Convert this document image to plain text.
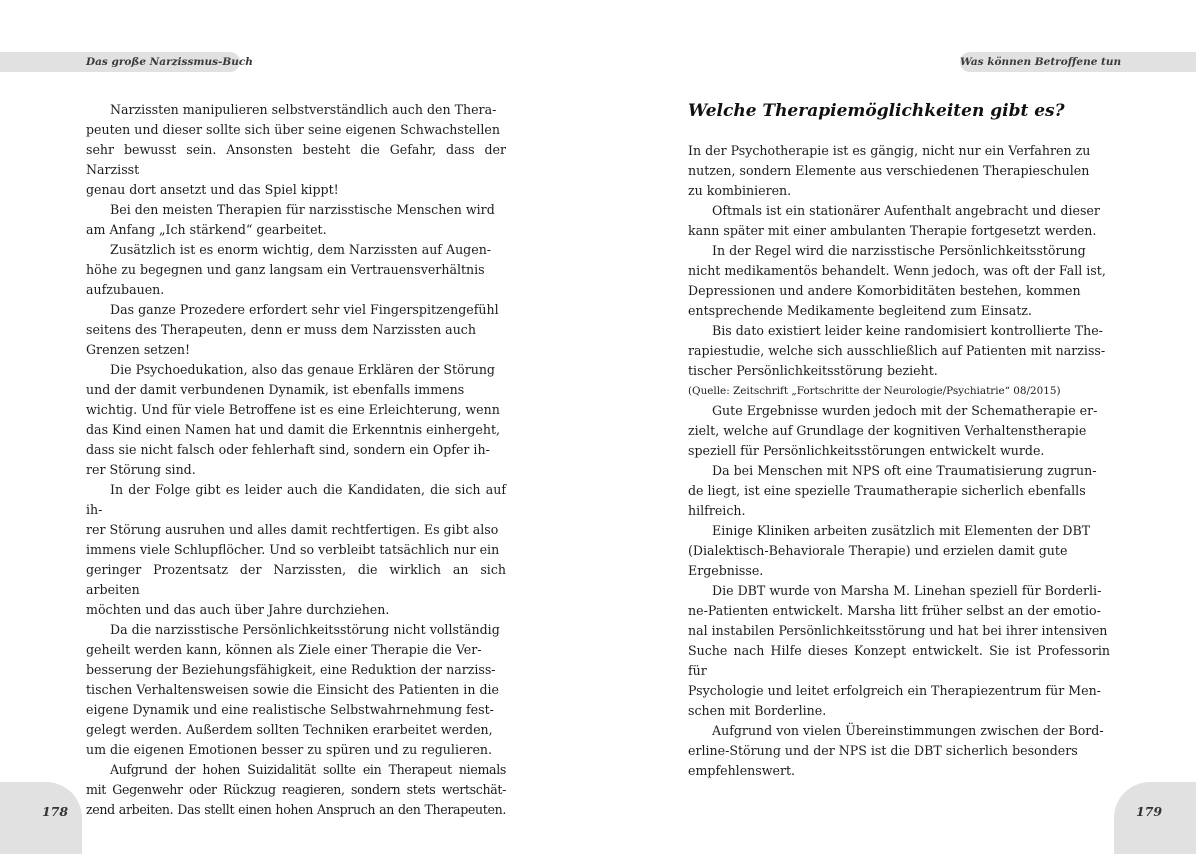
Das große Narzissmus-Buch	Was können Betroffene tun

Narzissten manipulieren selbstverständlich auch den Thera-
peuten und dieser sollte sich über seine eigenen Schwachstellen
sehr bewusst sein. Ansonsten besteht die Gefahr, dass der Narzisst
genau dort ansetzt und das Spiel kippt!

Bei den meisten Therapien für narzisstische Menschen wird
am Anfang „Ich stärkend“ gearbeitet.

Zusätzlich ist es enorm wichtig, dem Narzissten auf Augen-
höhe zu begegnen und ganz langsam ein Vertrauensverhältnis
aufzubauen.

Das ganze Prozedere erfordert sehr viel Fingerspitzengefühl
seitens des Therapeuten, denn er muss dem Narzissten auch
Grenzen setzen!

Die Psychoedukation, also das genaue Erklären der Störung
und der damit verbundenen Dynamik, ist ebenfalls immens
wichtig. Und für viele Betroffene ist es eine Erleichterung, wenn
das Kind einen Namen hat und damit die Erkenntnis einhergeht,
dass sie nicht falsch oder fehlerhaft sind, sondern ein Opfer ih-
rer Störung sind.

In der Folge gibt es leider auch die Kandidaten, die sich auf ih-
rer Störung ausruhen und alles damit rechtfertigen. Es gibt also
immens viele Schlupflöcher. Und so verbleibt tatsächlich nur ein
geringer Prozentsatz der Narzissten, die wirklich an sich arbeiten
möchten und das auch über Jahre durchziehen.

Da die narzisstische Persönlichkeitsstörung nicht vollständig
geheilt werden kann, können als Ziele einer Therapie die Ver-
besserung der Beziehungsfähigkeit, eine Reduktion der narziss-
tischen Verhaltensweisen sowie die Einsicht des Patienten in die
eigene Dynamik und eine realistische Selbstwahrnehmung fest-
gelegt werden. Außerdem sollten Techniken erarbeitet werden,
um die eigenen Emotionen besser zu spüren und zu regulieren.

Aufgrund der hohen Suizidalität sollte ein Therapeut niemals
mit Gegenwehr oder Rückzug reagieren, sondern stets wertschät-
zend arbeiten. Das stellt einen hohen Anspruch an den Therapeuten.

Welche Therapiemöglichkeiten gibt es?

In der Psychotherapie ist es gängig, nicht nur ein Verfahren zu
nutzen, sondern Elemente aus verschiedenen Therapieschulen
zu kombinieren.

Oftmals ist ein stationärer Aufenthalt angebracht und dieser
kann später mit einer ambulanten Therapie fortgesetzt werden.

In der Regel wird die narzisstische Persönlichkeitsstörung
nicht medikamentös behandelt. Wenn jedoch, was oft der Fall ist,
Depressionen und andere Komorbiditäten bestehen, kommen
entsprechende Medikamente begleitend zum Einsatz.

Bis dato existiert leider keine randomisiert kontrollierte The-
rapiestudie, welche sich ausschließlich auf Patienten mit narziss-
tischer Persönlichkeitsstörung bezieht.

(Quelle: Zeitschrift „Fortschritte der Neurologie/Psychiatrie“ 08/2015)

Gute Ergebnisse wurden jedoch mit der Schematherapie er-
zielt, welche auf Grundlage der kognitiven Verhaltenstherapie
speziell für Persönlichkeitsstörungen entwickelt wurde.

Da bei Menschen mit NPS oft eine Traumatisierung zugrun-
de liegt, ist eine spezielle Traumatherapie sicherlich ebenfalls
hilfreich.

Einige Kliniken arbeiten zusätzlich mit Elementen der DBT
(Dialektisch-Behaviorale Therapie) und erzielen damit gute
Ergebnisse.

Die DBT wurde von Marsha M. Linehan speziell für Borderli-
ne-Patienten entwickelt. Marsha litt früher selbst an der emotio-
nal instabilen Persönlichkeitsstörung und hat bei ihrer intensiven
Suche nach Hilfe dieses Konzept entwickelt. Sie ist Professorin für
Psychologie und leitet erfolgreich ein Therapiezentrum für Men-
schen mit Borderline.

Aufgrund von vielen Übereinstimmungen zwischen der Bord-
erline-Störung und der NPS ist die DBT sicherlich besonders
empfehlenswert.

178	179
